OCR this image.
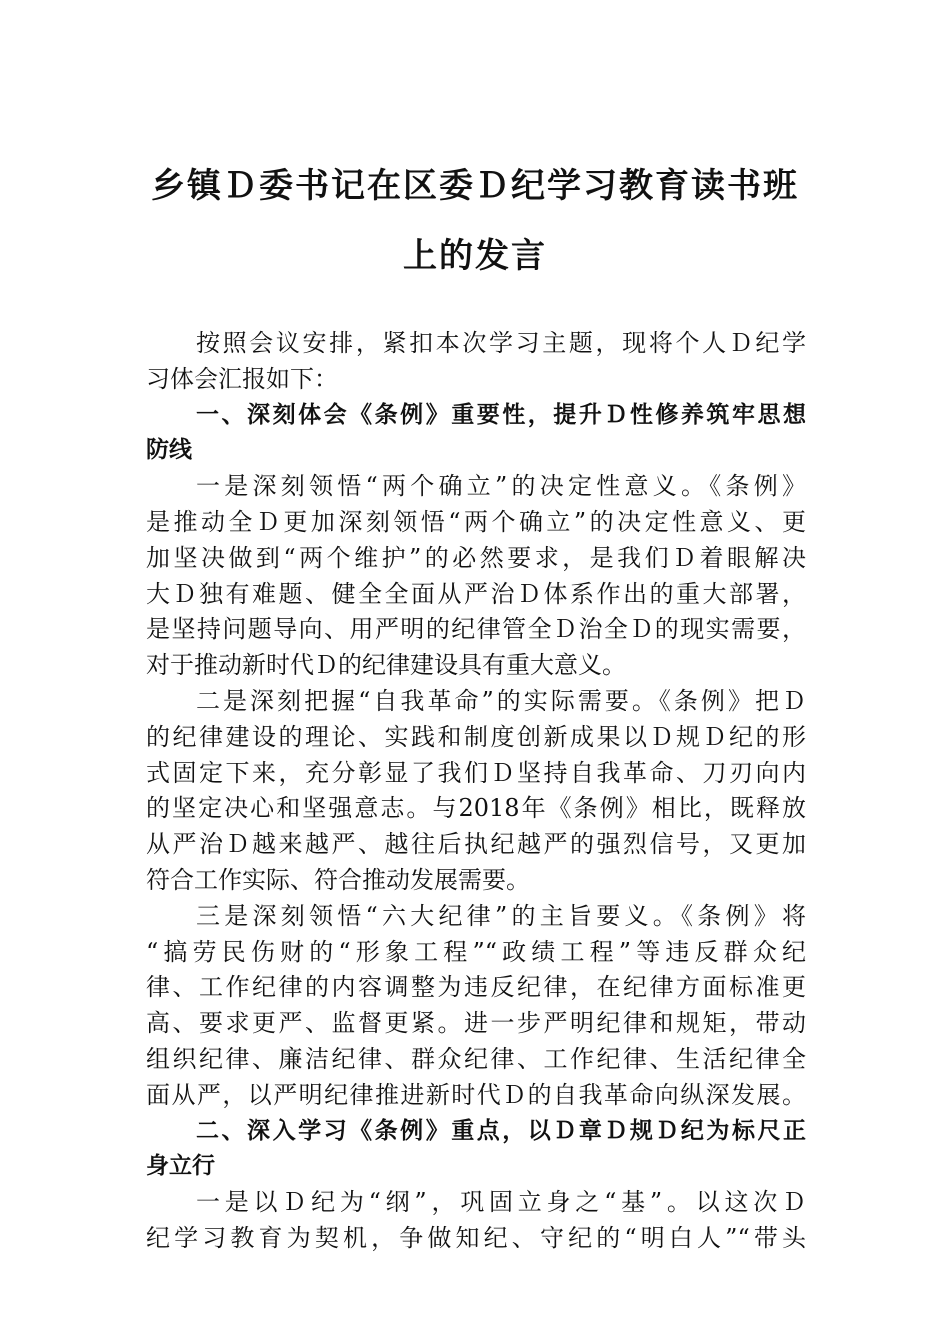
乡镇Ｄ委书记在区委Ｄ纪学习教育读书班
上的发言
按照会议安排，紧扣本次学习主题，现将个人Ｄ纪学
习体会汇报如下：
一、深刻体会《条例》重要性，提升Ｄ性修养筑牢思想
防线
一是深刻领悟“两个确立”的决定性意义。《条例》
是推动全Ｄ更加深刻领悟“两个确立”的决定性意义、更
加坚决做到“两个维护”的必然要求，是我们Ｄ着眼解决
大Ｄ独有难题、健全全面从严治Ｄ体系作出的重大部署，
是坚持问题导向、用严明的纪律管全Ｄ治全Ｄ的现实需要，
对于推动新时代Ｄ的纪律建设具有重大意义。
二是深刻把握“自我革命”的实际需要。《条例》把Ｄ
的纪律建设的理论、实践和制度创新成果以Ｄ规Ｄ纪的形
式固定下来，充分彰显了我们Ｄ坚持自我革命、刀刃向内
的坚定决心和坚强意志。与2018年《条例》相比，既释放
从严治Ｄ越来越严、越往后执纪越严的强烈信号，又更加
符合工作实际、符合推动发展需要。
三是深刻领悟“六大纪律”的主旨要义。《条例》将
“搞劳民伤财的“形象工程”“政绩工程”等违反群众纪
律、工作纪律的内容调整为违反纪律，在纪律方面标准更
高、要求更严、监督更紧。进一步严明纪律和规矩，带动
组织纪律、廉洁纪律、群众纪律、工作纪律、生活纪律全
面从严，以严明纪律推进新时代Ｄ的自我革命向纵深发展。
二、深入学习《条例》重点，以Ｄ章Ｄ规Ｄ纪为标尺正
身立行
一是以Ｄ纪为“纲”，巩固立身之“基”。以这次Ｄ
纪学习教育为契机，争做知纪、守纪的“明白人”“带头
